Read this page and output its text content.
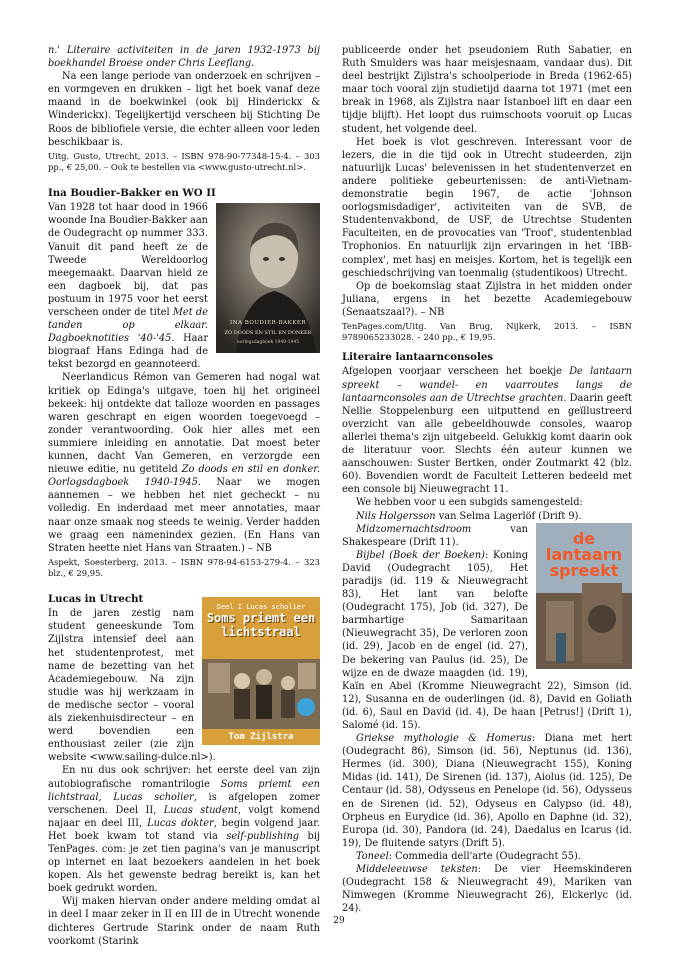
n.' Literaire activiteiten in de jaren 1932-1973 bij boekhandel Broese onder Chris Leeflang.

Na een lange periode van onderzoek en schrijven – en vormgeven en drukken – ligt het boek vanaf deze maand in de boekwinkel (ook bij Hinderickx & Winderickx). Tegelijkertijd verscheen bij Stichting De Roos de bibliofiele versie, die echter alleen voor leden beschikbaar is.

Uitg. Gusto, Utrecht, 2013. – ISBN 978-90-77348-15-4. – 303 pp., € 25,00. – Ook te bestellen via <www.gusto-utrecht.nl>.

Ina Boudier-Bakker en WO II
INA BOUDIER-BAKKER
ZO DOODS EN STIL EN DONKER
oorlogsdagboek 1940-1945

Van 1928 tot haar dood in 1966 woonde Ina Boudier-Bakker aan de Oudegracht op nummer 333. Vanuit dit pand heeft ze de Tweede Wereldoorlog meegemaakt. Daarvan hield ze een dagboek bij, dat pas postuum in 1975 voor het eerst verscheen onder de titel Met de tanden op elkaar. Dagboeknotities '40-'45. Haar biograaf Hans Edinga had de tekst bezorgd en geannoteerd.

Neerlandicus Rémon van Gemeren had nogal wat kritiek op Edinga's uitgave, toen hij het origineel bekeek: hij ontdekte dat talloze woorden en passages waren geschrapt en eigen woorden toegevoegd – zonder verantwoording. Ook hier alles met een summiere inleiding en annotatie. Dat moest beter kunnen, dacht Van Gemeren, en verzorgde een nieuwe editie, nu getiteld Zo doods en stil en donker. Oorlogsdagboek 1940-1945. Naar we mogen aannemen – we hebben het niet gecheckt – nu volledig. En inderdaad met meer annotaties, maar naar onze smaak nog steeds te weinig. Verder hadden we graag een namenindex gezien. (En Hans van Straten heette niet Hans van Straaten.) – NB

Aspekt, Soesterberg, 2013. – ISBN 978-94-6153-279-4. – 323 blz., € 29,95.

Lucas in Utrecht
Deel I Lucas scholier
Soms priemt een lichtstraal
Tom Zijlstra

In de jaren zestig nam student geneeskunde Tom Zijlstra intensief deel aan het studentenprotest, met name de bezetting van het Academiegebouw. Na zijn studie was hij werkzaam in de medische sector – vooral als ziekenhuisdirecteur – en werd bovendien een enthousiast zeiler (zie zijn website <www.sailing-dulce.nl>).

En nu dus ook schrijver: het eerste deel van zijn autobiografische romantrilogie Soms priemt een lichtstraal, Lucas scholier, is afgelopen zomer verschenen. Deel II, Lucas student, volgt komend najaar en deel III, Lucas dokter, begin volgend jaar. Het boek kwam tot stand via self-publishing bij TenPages. com: je zet tien pagina's van je manuscript op internet en laat bezoekers aandelen in het boek kopen. Als het gewenste bedrag bereikt is, kan het boek gedrukt worden.

Wij maken hiervan onder andere melding omdat al in deel I maar zeker in II en III de in Utrecht wonende dichteres Gertrude Starink onder de naam Ruth voorkomt (Starink

publiceerde onder het pseudoniem Ruth Sabatier, en Ruth Smulders was haar meisjesnaam, vandaar dus). Dit deel bestrijkt Zijlstra's schoolperiode in Breda (1962-65) maar toch vooral zijn studietijd daarna tot 1971 (met een break in 1968, als Zijlstra naar Istanboel lift en daar een tijdje blijft). Het loopt dus ruimschoots vooruit op Lucas student, het volgende deel.

Het boek is vlot geschreven. Interessant voor de lezers, die in die tijd ook in Utrecht studeerden, zijn natuurlijk Lucas' belevenissen in het studentenverzet en andere politieke gebeurtenissen: de anti-Vietnam-demonstratie begin 1967, de actie 'Johnson oorlogsmisdadiger', activiteiten van de SVB, de Studentenvakbond, de USF, de Utrechtse Studenten Faculteiten, en de provocaties van 'Troof', studentenblad Trophonios. En natuurlijk zijn ervaringen in het 'IBB-complex', met hasj en meisjes. Kortom, het is tegelijk een geschiedschrijving van toenmalig (studentikoos) Utrecht.

Op de boekomslag staat Zijlstra in het midden onder Juliana, ergens in het bezette Academiegebouw (Senaatszaal?). – NB

TenPages.com/Uitg. Van Brug, Nijkerk, 2013. – ISBN 9789065233028. – 240 pp., € 19,95.

Literaire lantaarnconsoles

Afgelopen voorjaar verscheen het boekje De lantaarn spreekt – wandel- en vaarroutes langs de lantaarnconsoles aan de Utrechtse grachten. Daarin geeft Nellie Stoppelenburg een uitputtend en geïllustreerd overzicht van alle gebeeldhouwde consoles, waarop allerlei thema's zijn uitgebeeld. Gelukkig komt daarin ook de literatuur voor. Slechts één auteur kunnen we aanschouwen: Suster Bertken, onder Zoutmarkt 42 (blz. 60). Bovendien wordt de Faculteit Letteren bedeeld met een console bij Nieuwegracht 11.

We hebben voor u een subgids samengesteld:

Nils Holgersson van Selma Lagerlöf (Drift 9).

de
lantaarn
spreekt

Midzomernachtsdroom van Shakespeare (Drift 11).

Bijbel (Boek der Boeken): Koning David (Oudegracht 105), Het paradijs (id. 119 & Nieuwegracht 83), Het lant van belofte (Oudegracht 175), Job (id. 327), De barmhartige Samaritaan (Nieuwegracht 35), De verloren zoon (id. 29), Jacob en de engel (id. 27), De bekering van Paulus (id. 25), De wijze en de dwaze maagden (id. 19), Kaïn en Abel (Kromme Nieuwegracht 22), Simson (id. 12), Susanna en de ouderlingen (id. 8), David en Goliath (id. 6), Saul en David (id. 4), De haan [Petrus!] (Drift 1), Salomé (id. 15).

Griekse mythologie & Homerus: Diana met hert (Oudegracht 86), Simson (id. 56), Neptunus (id. 136), Hermes (id. 300), Diana (Nieuwegracht 155), Koning Midas (id. 141), De Sirenen (id. 137), Aiolus (id. 125), De Centaur (id. 58), Odysseus en Penelope (id. 56), Odysseus en de Sirenen (id. 52), Odyseus en Calypso (id. 48), Orpheus en Eurydice (id. 36), Apollo en Daphne (id. 32), Europa (id. 30), Pandora (id. 24), Daedalus en Icarus (id. 19), De fluitende satyrs (Drift 5).

Toneel: Commedia dell'arte (Oudegracht 55).

Middeleeuwse teksten: De vier Heemskinderen (Oudegracht 158 & Nieuwegracht 49), Mariken van Nimwegen (Kromme Nieuwegracht 26), Elckerlyc (id. 24).

29
